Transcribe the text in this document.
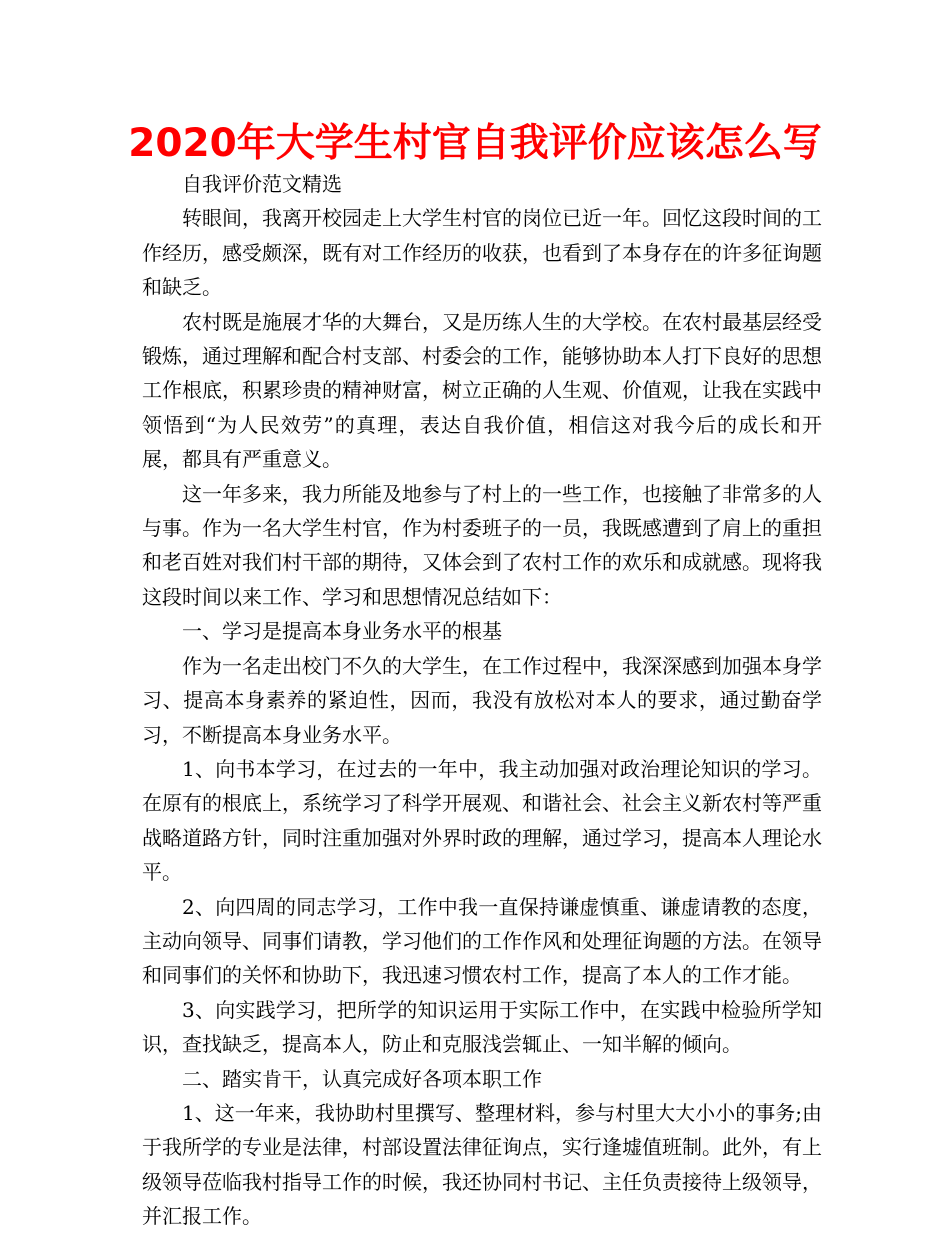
2020年大学生村官自我评价应该怎么写

自我评价范文精选

转眼间，我离开校园走上大学生村官的岗位已近一年。回忆这段时间的工作经历，感受颇深，既有对工作经历的收获，也看到了本身存在的许多征询题和缺乏。

农村既是施展才华的大舞台，又是历练人生的大学校。在农村最基层经受锻炼，通过理解和配合村支部、村委会的工作，能够协助本人打下良好的思想工作根底，积累珍贵的精神财富，树立正确的人生观、价值观，让我在实践中领悟到“为人民效劳”的真理，表达自我价值，相信这对我今后的成长和开展，都具有严重意义。

这一年多来，我力所能及地参与了村上的一些工作，也接触了非常多的人与事。作为一名大学生村官，作为村委班子的一员，我既感遭到了肩上的重担和老百姓对我们村干部的期待，又体会到了农村工作的欢乐和成就感。现将我这段时间以来工作、学习和思想情况总结如下：

一、学习是提高本身业务水平的根基

作为一名走出校门不久的大学生，在工作过程中，我深深感到加强本身学习、提高本身素养的紧迫性，因而，我没有放松对本人的要求，通过勤奋学习，不断提高本身业务水平。

1、向书本学习，在过去的一年中，我主动加强对政治理论知识的学习。在原有的根底上，系统学习了科学开展观、和谐社会、社会主义新农村等严重战略道路方针，同时注重加强对外界时政的理解，通过学习，提高本人理论水平。

2、向四周的同志学习，工作中我一直保持谦虚慎重、谦虚请教的态度，主动向领导、同事们请教，学习他们的工作作风和处理征询题的方法。在领导和同事们的关怀和协助下，我迅速习惯农村工作，提高了本人的工作才能。

3、向实践学习，把所学的知识运用于实际工作中，在实践中检验所学知识，查找缺乏，提高本人，防止和克服浅尝辄止、一知半解的倾向。

二、踏实肯干，认真完成好各项本职工作

1、这一年来，我协助村里撰写、整理材料，参与村里大大小小的事务;由于我所学的专业是法律，村部设置法律征询点，实行逢墟值班制。此外，有上级领导莅临我村指导工作的时候，我还协同村书记、主任负责接待上级领导，并汇报工作。
